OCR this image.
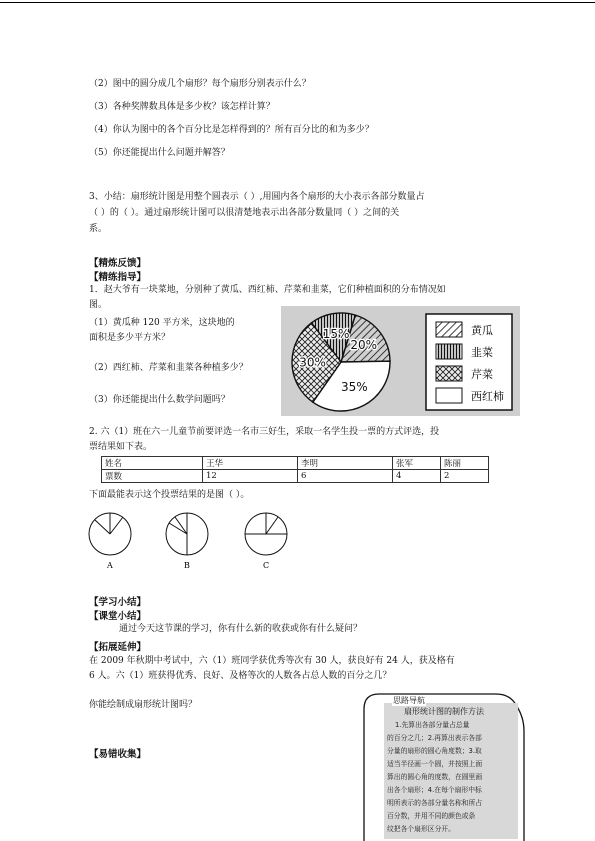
（2）图中的圆分成几个扇形？每个扇形分别表示什么？
（3）各种奖牌数具体是多少枚？该怎样计算？
（4）你认为图中的各个百分比是怎样得到的？所有百分比的和为多少？
（5）你还能提出什么问题并解答？
3、小结：扇形统计图是用整个圆表示（ ）,用圆内各个扇形的大小表示各部分数量占
（ ）的（ ）。通过扇形统计图可以很清楚地表示出各部分数量同（ ）之间的关
系。
【精炼反馈】
【精练指导】
1．赵大爷有一块菜地，分别种了黄瓜、西红柿、芹菜和韭菜，它们种植面积的分布情况如
图。
（1）黄瓜种 120 平方米，这块地的
面积是多少平方米？
（2）西红柿、芹菜和韭菜各种植多少？
（3）你还能提出什么数学问题吗？
15%
20%
35%
30%
黄瓜
韭菜
芹菜
西红柿
2. 六（1）班在六一儿童节前要评选一名市三好生，采取一名学生投一票的方式评选，投
票结果如下表。
姓名	王华	李明	张军	陈丽
票数	12	6	4	2
下面最能表示这个投票结果的是图（ ）。
A	B	C
【学习小结】
【课堂小结】
通过今天这节课的学习，你有什么新的收获或你有什么疑问？
【拓展延伸】
在 2009 年秋期中考试中，六（1）班同学获优秀等次有 30 人，获良好有 24 人，获及格有
6 人。六（1）班获得优秀、良好、及格等次的人数各占总人数的百分之几？
你能绘制成扇形统计图吗？
【易错收集】
思路导航
扇形统计图的制作方法
1.先算出各部分量占总量
的百分之几；2.再算出表示各部
分量的扇形的圆心角度数；3.取
适当半径画一个圆，并按照上面
算出的圆心角的度数，在圆里画
出各个扇形；4.在每个扇形中标
明所表示的各部分量名称和所占
百分数，并用不同的颜色或条
纹把各个扇形区分开。
